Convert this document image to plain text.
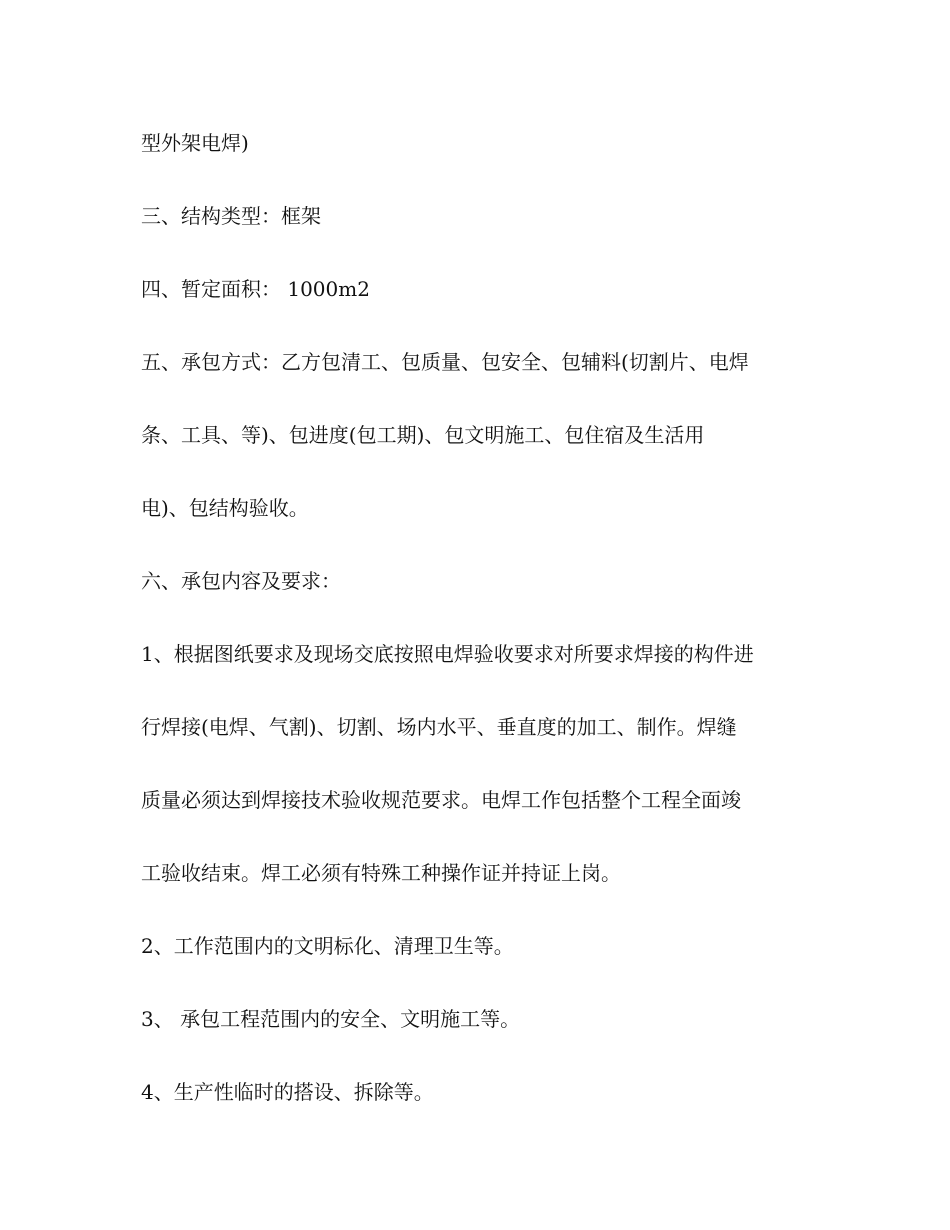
型外架电焊)
三、结构类型：框架
四、暂定面积： 1000m2
五、承包方式：乙方包清工、包质量、包安全、包辅料(切割片、电焊
条、工具、等)、包进度(包工期)、包文明施工、包住宿及生活用
电)、包结构验收。
六、承包内容及要求：
1、根据图纸要求及现场交底按照电焊验收要求对所要求焊接的构件进
行焊接(电焊、气割)、切割、场内水平、垂直度的加工、制作。焊缝
质量必须达到焊接技术验收规范要求。电焊工作包括整个工程全面竣
工验收结束。焊工必须有特殊工种操作证并持证上岗。
2、工作范围内的文明标化、清理卫生等。
3、 承包工程范围内的安全、文明施工等。
4、生产性临时的搭设、拆除等。
